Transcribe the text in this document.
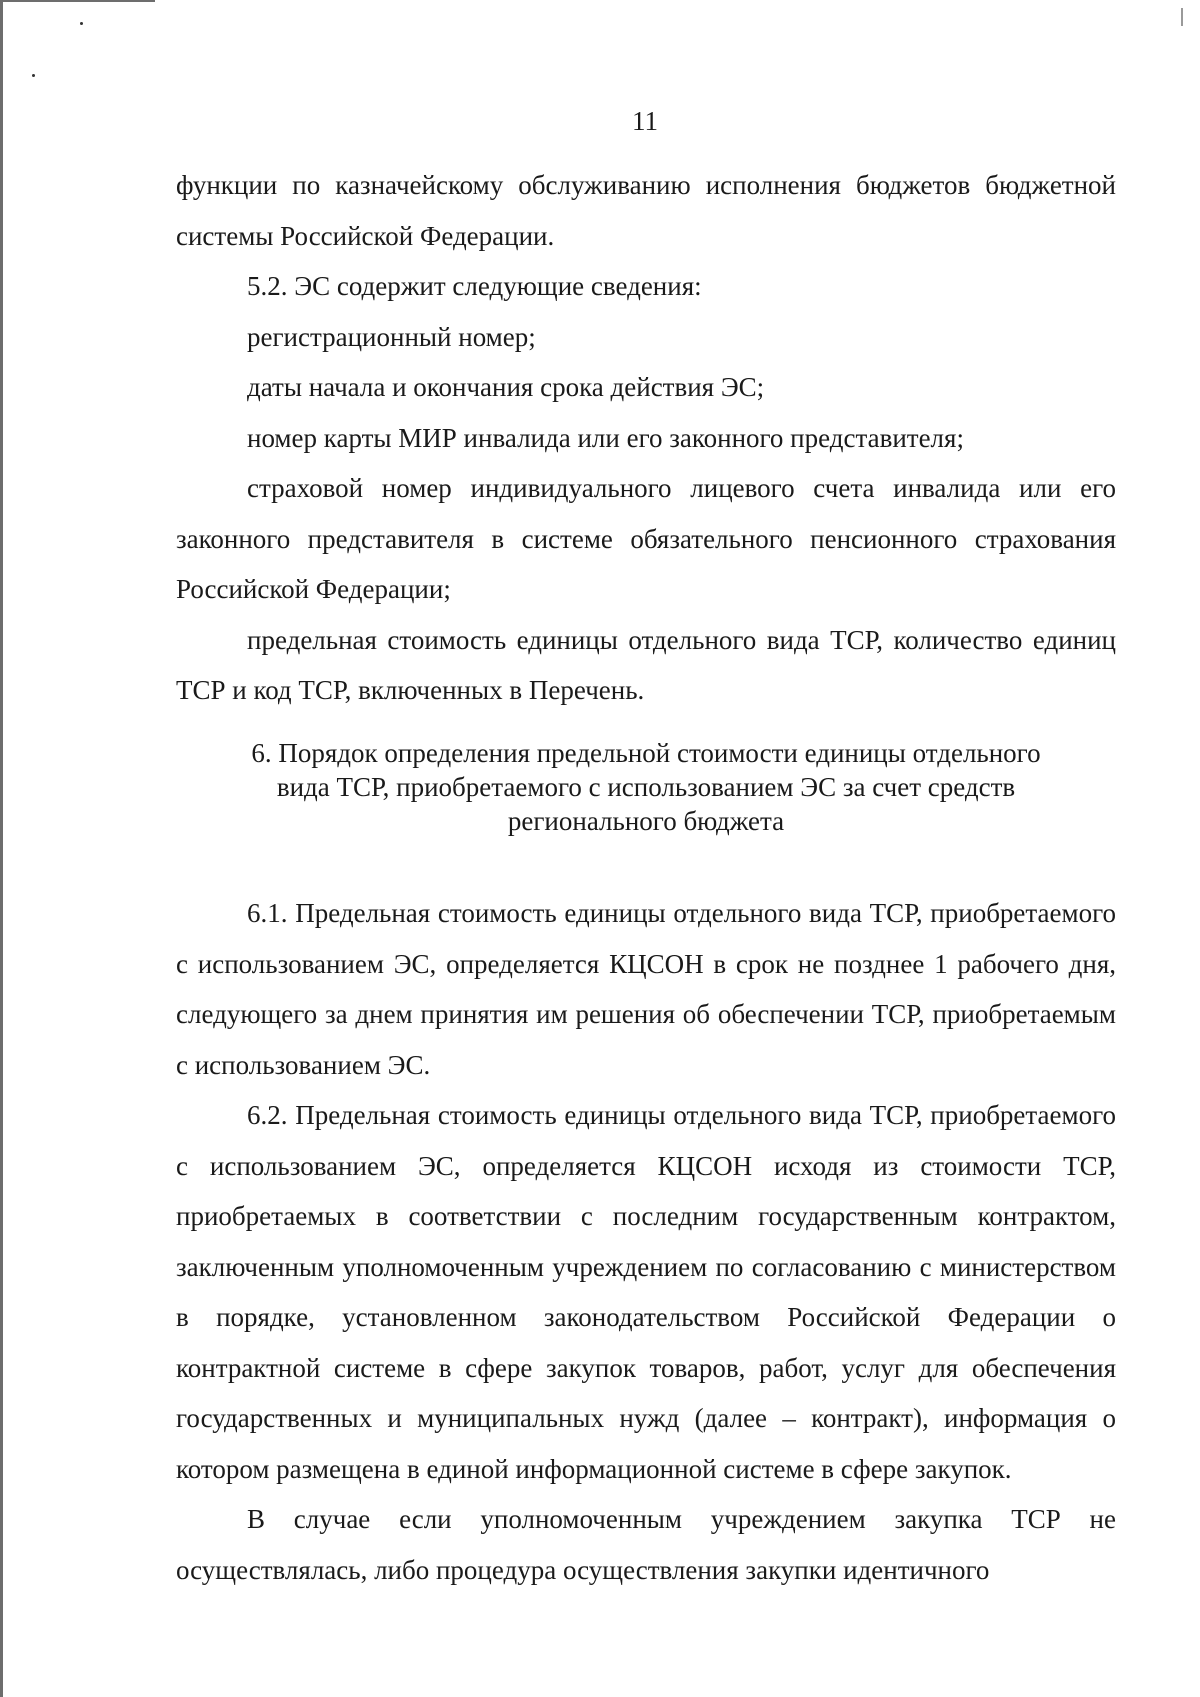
11

функции по казначейскому обслуживанию исполнения бюджетов бюджетной системы Российской Федерации.

5.2. ЭС содержит следующие сведения:

регистрационный номер;

даты начала и окончания срока действия ЭС;

номер карты МИР инвалида или его законного представителя;

страховой номер индивидуального лицевого счета инвалида или его законного представителя в системе обязательного пенсионного страхования Российской Федерации;

предельная стоимость единицы отдельного вида ТСР, количество единиц ТСР и код ТСР, включенных в Перечень.

6. Порядок определения предельной стоимости единицы отдельного

вида ТСР, приобретаемого с использованием ЭС за счет средств

регионального бюджета

6.1. Предельная стоимость единицы отдельного вида ТСР, приобретаемого с использованием ЭС, определяется КЦСОН в срок не позднее 1 рабочего дня, следующего за днем принятия им решения об обеспечении ТСР, приобретаемым с использованием ЭС.

6.2. Предельная стоимость единицы отдельного вида ТСР, приобретаемого с использованием ЭС, определяется КЦСОН исходя из стоимости ТСР, приобретаемых в соответствии с последним государственным контрактом, заключенным уполномоченным учреждением по согласованию с министерством в порядке, установленном законодательством Российской Федерации о контрактной системе в сфере закупок товаров, работ, услуг для обеспечения государственных и муниципальных нужд (далее – контракт), информация о котором размещена в единой информационной системе в сфере закупок.

В случае если уполномоченным учреждением закупка ТСР не осуществлялась, либо процедура осуществления закупки идентичного
